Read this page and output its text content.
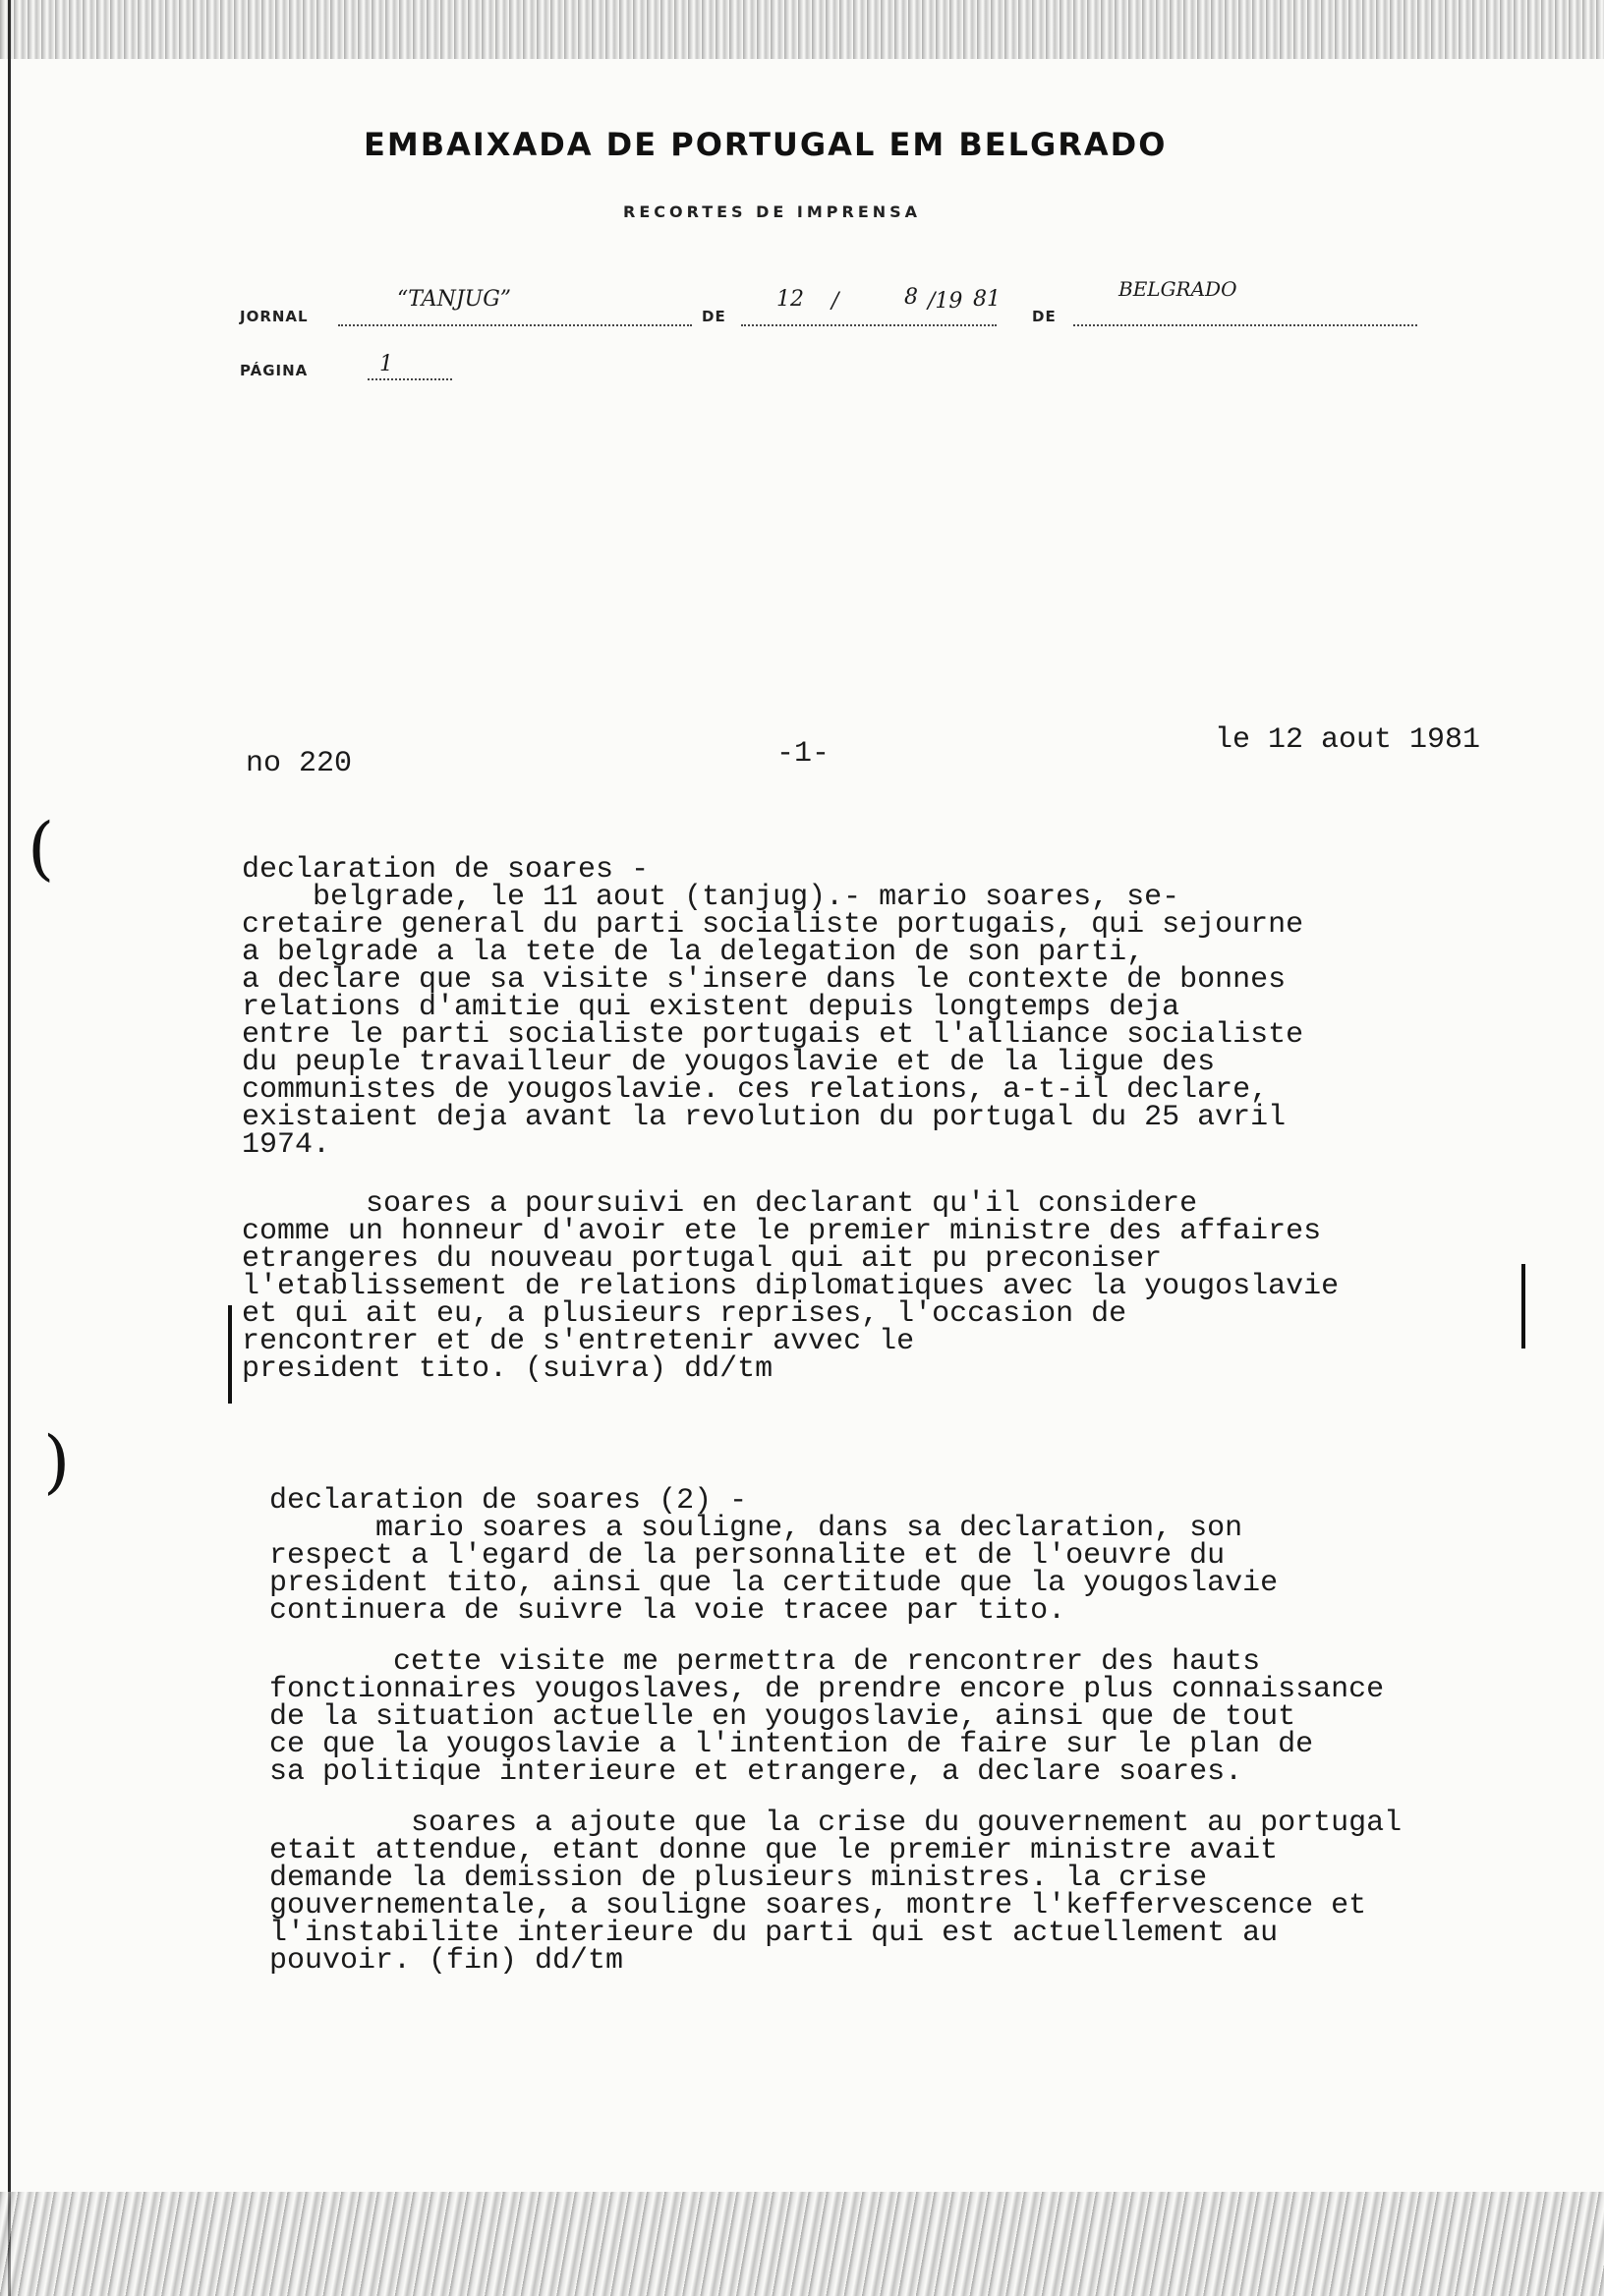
EMBAIXADA DE PORTUGAL EM BELGRADO
RECORTES DE IMPRENSA
JORNAL
“TANJUG”
DE
12 /	8 /19 81
DE
BELGRADO
PÁGINA	1
no 220	-1-	le 12 aout 1981
declaration de soares -
belgrade, le 11 aout (tanjug).- mario soares, se-
cretaire general du parti socialiste portugais, qui sejourne
a belgrade a la tete de la delegation de son parti,
a declare que sa visite s'insere dans le contexte de bonnes
relations d'amitie qui existent depuis longtemps deja
entre le parti socialiste portugais et l'alliance socialiste
du peuple travailleur de yougoslavie et de la ligue des
communistes de yougoslavie. ces relations, a-t-il declare,
existaient deja avant la revolution du portugal du 25 avril
1974.
soares a poursuivi en declarant qu'il considere
comme un honneur d'avoir ete le premier ministre des affaires
etrangeres du nouveau portugal qui ait pu preconiser
l'etablissement de relations diplomatiques avec la yougoslavie
et qui ait eu, a plusieurs reprises, l'occasion de
rencontrer et de s'entretenir avvec le
president tito. (suivra) dd/tm
(
)	declaration de soares (2) -
mario soares a souligne, dans sa declaration, son
respect a l'egard de la personnalite et de l'oeuvre du
president tito, ainsi que la certitude que la yougoslavie
continuera de suivre la voie tracee par tito.
cette visite me permettra de rencontrer des hauts
fonctionnaires yougoslaves, de prendre encore plus connaissance
de la situation actuelle en yougoslavie, ainsi que de tout
ce que la yougoslavie a l'intention de faire sur le plan de
sa politique interieure et etrangere, a declare soares.
soares a ajoute que la crise du gouvernement au portugal
etait attendue, etant donne que le premier ministre avait
demande la demission de plusieurs ministres. la crise
gouvernementale, a souligne soares, montre l'keffervescence et
l'instabilite interieure du parti qui est actuellement au
pouvoir. (fin) dd/tm
